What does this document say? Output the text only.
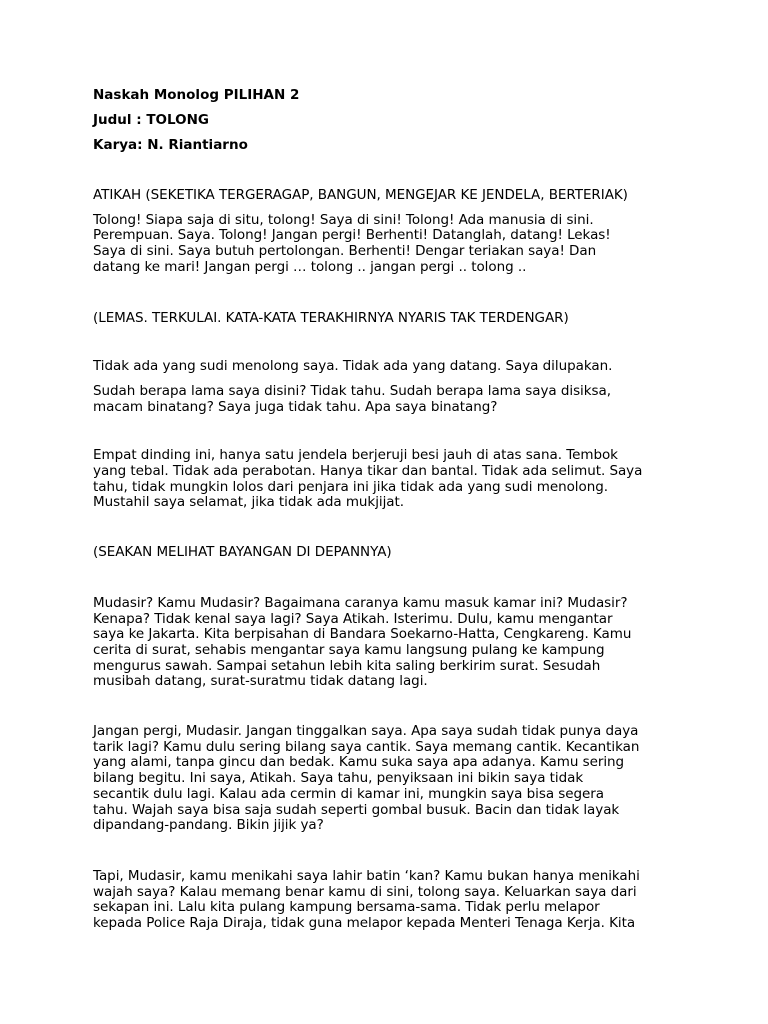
Naskah Monolog PILIHAN 2
Judul : TOLONG
Karya: N. Riantiarno
ATIKAH (SEKETIKA TERGERAGAP, BANGUN, MENGEJAR KE JENDELA, BERTERIAK)
Tolong! Siapa saja di situ, tolong! Saya di sini! Tolong! Ada manusia di sini.
Perempuan. Saya. Tolong! Jangan pergi! Berhenti! Datanglah, datang! Lekas!
Saya di sini. Saya butuh pertolongan. Berhenti! Dengar teriakan saya! Dan
datang ke mari! Jangan pergi … tolong .. jangan pergi .. tolong ..
(LEMAS. TERKULAI. KATA-KATA TERAKHIRNYA NYARIS TAK TERDENGAR)
Tidak ada yang sudi menolong saya. Tidak ada yang datang. Saya dilupakan.
Sudah berapa lama saya disini? Tidak tahu. Sudah berapa lama saya disiksa,
macam binatang? Saya juga tidak tahu. Apa saya binatang?
Empat dinding ini, hanya satu jendela berjeruji besi jauh di atas sana. Tembok
yang tebal. Tidak ada perabotan. Hanya tikar dan bantal. Tidak ada selimut. Saya
tahu, tidak mungkin lolos dari penjara ini jika tidak ada yang sudi menolong.
Mustahil saya selamat, jika tidak ada mukjijat.
(SEAKAN MELIHAT BAYANGAN DI DEPANNYA)
Mudasir? Kamu Mudasir? Bagaimana caranya kamu masuk kamar ini? Mudasir?
Kenapa? Tidak kenal saya lagi? Saya Atikah. Isterimu. Dulu, kamu mengantar
saya ke Jakarta. Kita berpisahan di Bandara Soekarno-Hatta, Cengkareng. Kamu
cerita di surat, sehabis mengantar saya kamu langsung pulang ke kampung
mengurus sawah. Sampai setahun lebih kita saling berkirim surat. Sesudah
musibah datang, surat-suratmu tidak datang lagi.
Jangan pergi, Mudasir. Jangan tinggalkan saya. Apa saya sudah tidak punya daya
tarik lagi? Kamu dulu sering bilang saya cantik. Saya memang cantik. Kecantikan
yang alami, tanpa gincu dan bedak. Kamu suka saya apa adanya. Kamu sering
bilang begitu. Ini saya, Atikah. Saya tahu, penyiksaan ini bikin saya tidak
secantik dulu lagi. Kalau ada cermin di kamar ini, mungkin saya bisa segera
tahu. Wajah saya bisa saja sudah seperti gombal busuk. Bacin dan tidak layak
dipandang-pandang. Bikin jijik ya?
Tapi, Mudasir, kamu menikahi saya lahir batin ‘kan? Kamu bukan hanya menikahi
wajah saya? Kalau memang benar kamu di sini, tolong saya. Keluarkan saya dari
sekapan ini. Lalu kita pulang kampung bersama-sama. Tidak perlu melapor
kepada Police Raja Diraja, tidak guna melapor kepada Menteri Tenaga Kerja. Kita
